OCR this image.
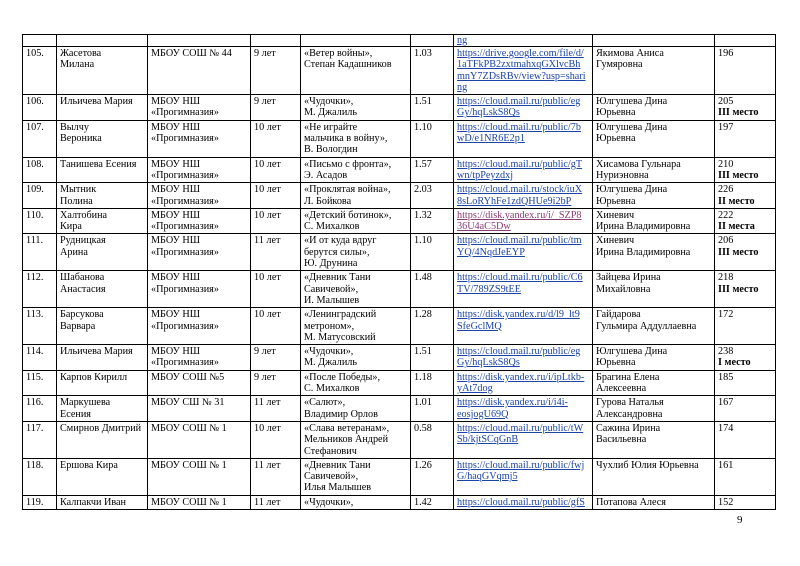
						ng		

105.	Жасетова
Милана	МБОУ СОШ № 44	9 лет	«Ветер войны»,
Степан Кадашников	1.03	https://drive.google.com/file/d/
1aTFkPB2zxtmahxqGXlvcBh
mnY7ZDsRBv/view?usp=shari
ng	Якимова Аниса
Гумяровна	196

106.	Ильичева Мария	МБОУ НШ
«Прогимназия»	9 лет	«Чудочки»,
М. Джалиль	1.51	https://cloud.mail.ru/public/eg
Gy/hqLskS8Qs	Юлгушева Дина
Юрьевна	205
III место

107.	Вылчу
Вероника	МБОУ НШ
«Прогимназия»	10 лет	«Не играйте
мальчика в войну»,
В. Вологдин	1.10	https://cloud.mail.ru/public/7b
wD/e1NR6E2p1	Юлгушева Дина
Юрьевна	197

108.	Танишева Есения	МБОУ НШ
«Прогимназия»	10 лет	«Письмо с фронта»,
Э. Асадов	1.57	https://cloud.mail.ru/public/gT
wn/tpPeyzdxj	Хисамова Гульнара
Нуриэновна	210
III место

109.	Мытник
Полина	МБОУ НШ
«Прогимназия»	10 лет	«Проклятая война»,
Л. Бойкова	2.03	https://cloud.mail.ru/stock/iuX
8sLoRYhFe1zdQHUe9i2bP	Юлгушева Дина
Юрьевна	226
II место

110.	Халтобина
Кира	МБОУ НШ
«Прогимназия»	10 лет	«Детский ботинок»,
С. Михалков	1.32	https://disk.yandex.ru/i/_SZP8
36U4aC5Dw	Хиневич
Ирина Владимировна	222
II места

111.	Рудницкая
Арина	МБОУ НШ
«Прогимназия»	11 лет	«И от куда вдруг
берутся силы»,
Ю. Друнина	1.10	https://cloud.mail.ru/public/tm
YQ/4NqdJeEYP	Хиневич
Ирина Владимировна	206
III место

112.	Шабанова
Анастасия	МБОУ НШ
«Прогимназия»	10 лет	«Дневник Тани
Савичевой»,
И. Малышев	1.48	https://cloud.mail.ru/public/C6
TV/789ZS9tEE	Зайцева Ирина
Михайловна	218
III место

113.	Барсукова
Варвара	МБОУ НШ
«Прогимназия»	10 лет	«Ленинградский
метроном»,
М. Матусовский	1.28	https://disk.yandex.ru/d/l9_lt9
SfeGclMQ	Гайдарова
Гульмира Аддуллаевна	172

114.	Ильичева Мария	МБОУ НШ
«Прогимназия»	9 лет	«Чудочки»,
М. Джалиль	1.51	https://cloud.mail.ru/public/eg
Gy/hqLskS8Qs	Юлгушева Дина
Юрьевна	238
I место

115.	Карпов Кирилл	МБОУ СОШ №5	9 лет	«После Победы»,
С. Михалков	1.18	https://disk.yandex.ru/i/ipLtkb-
yAt7dog	Брагина Елена
Алексеевна	185

116.	Маркушева
Есения	МБОУ СШ № 31	11 лет	«Салют»,
Владимир Орлов	1.01	https://disk.yandex.ru/i/i4i-
eosjogU69Q	Гурова Наталья
Александровна	167

117.	Смирнов Дмитрий	МБОУ СОШ № 1	10 лет	«Слава ветеранам»,
Мельников Андрей
Стефанович	0.58	https://cloud.mail.ru/public/tW
Sb/kjtSCqGnB	Сажина Ирина
Васильевна	174

118.	Ершова Кира	МБОУ СОШ № 1	11 лет	«Дневник Тани
Савичевой»,
Илья Малышев	1.26	https://cloud.mail.ru/public/fwj
G/haqGVqmj5	Чухлиб Юлия Юрьевна	161

119.	Калпакчи Иван	МБОУ СОШ № 1	11 лет	«Чудочки»,	1.42	https://cloud.mail.ru/public/gfS	Потапова Алеся	152
9
